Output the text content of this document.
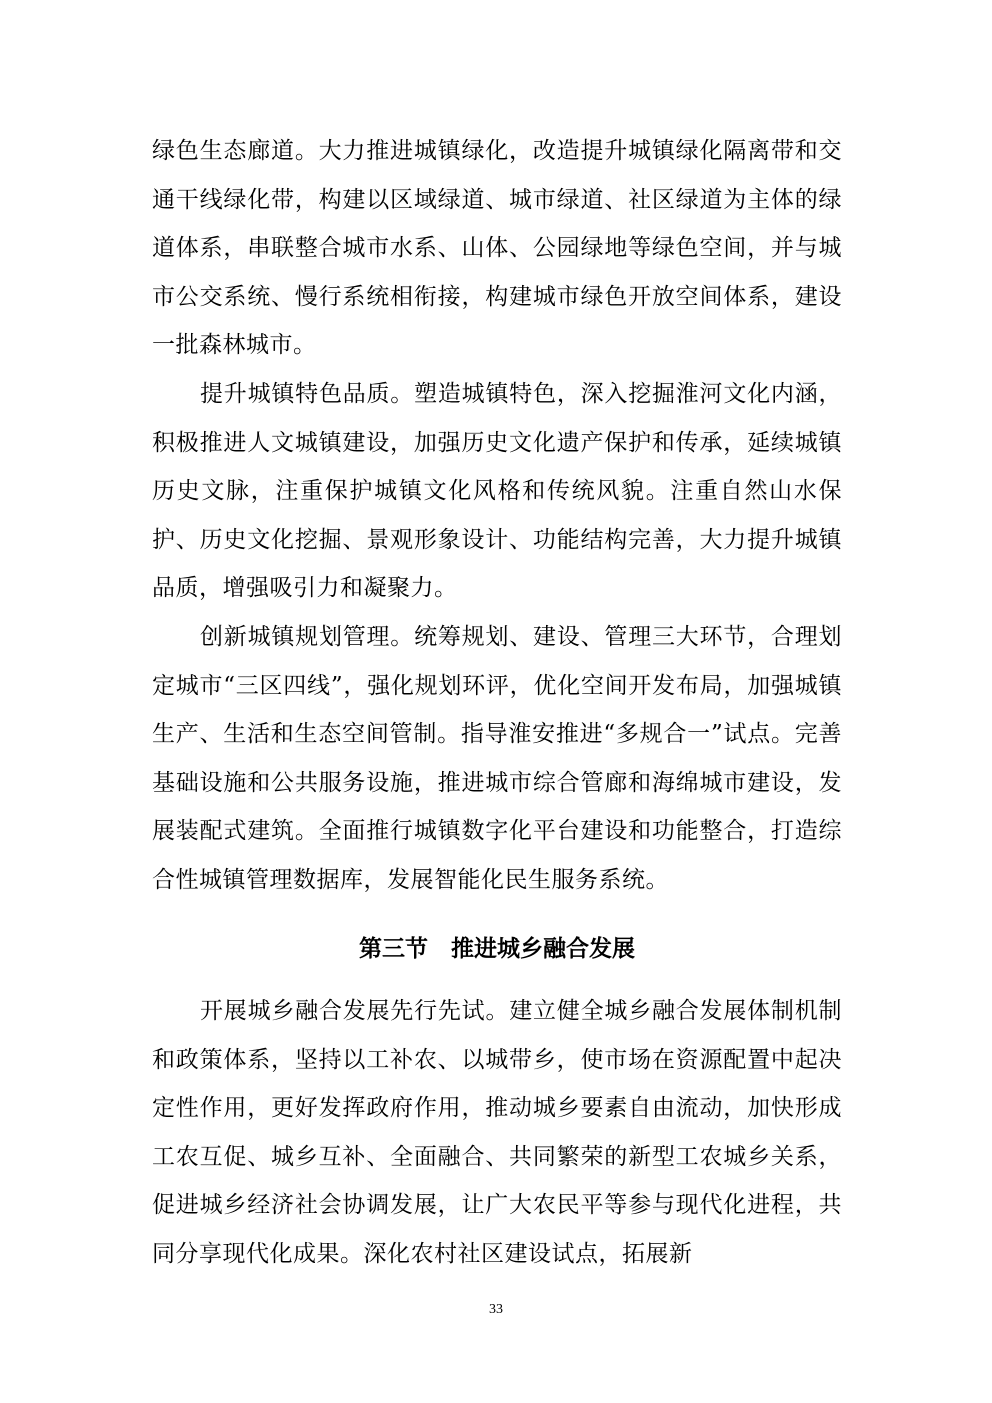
绿色生态廊道。大力推进城镇绿化，改造提升城镇绿化隔离带和交通干线绿化带，构建以区域绿道、城市绿道、社区绿道为主体的绿道体系，串联整合城市水系、山体、公园绿地等绿色空间，并与城市公交系统、慢行系统相衔接，构建城市绿色开放空间体系，建设一批森林城市。

提升城镇特色品质。塑造城镇特色，深入挖掘淮河文化内涵，积极推进人文城镇建设，加强历史文化遗产保护和传承，延续城镇历史文脉，注重保护城镇文化风格和传统风貌。注重自然山水保护、历史文化挖掘、景观形象设计、功能结构完善，大力提升城镇品质，增强吸引力和凝聚力。

创新城镇规划管理。统筹规划、建设、管理三大环节，合理划定城市“三区四线”，强化规划环评，优化空间开发布局，加强城镇生产、生活和生态空间管制。指导淮安推进“多规合一”试点。完善基础设施和公共服务设施，推进城市综合管廊和海绵城市建设，发展装配式建筑。全面推行城镇数字化平台建设和功能整合，打造综合性城镇管理数据库，发展智能化民生服务系统。

第三节　推进城乡融合发展

开展城乡融合发展先行先试。建立健全城乡融合发展体制机制和政策体系，坚持以工补农、以城带乡，使市场在资源配置中起决定性作用，更好发挥政府作用，推动城乡要素自由流动，加快形成工农互促、城乡互补、全面融合、共同繁荣的新型工农城乡关系，促进城乡经济社会协调发展，让广大农民平等参与现代化进程，共同分享现代化成果。深化农村社区建设试点，拓展新

33
